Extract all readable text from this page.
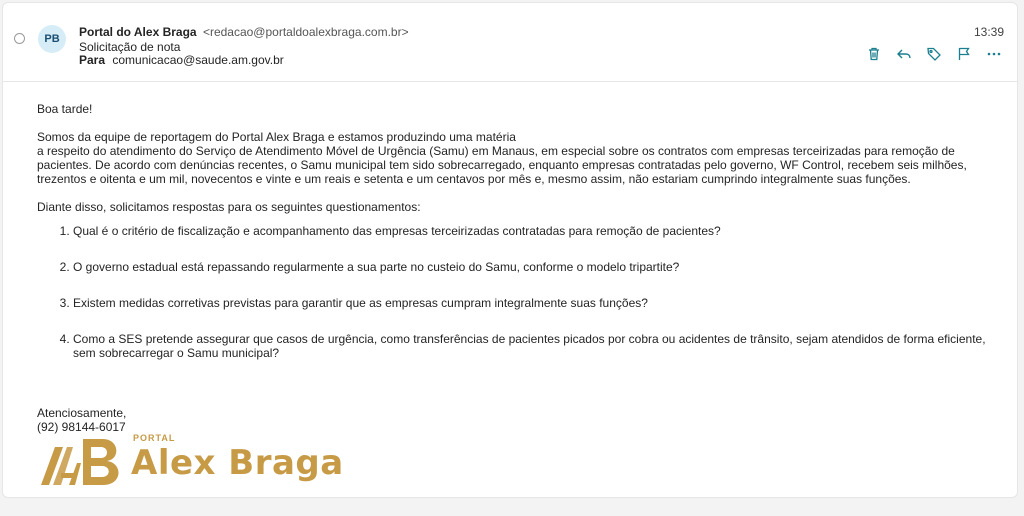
PB	Portal do Alex Braga <redacao@portaldoalexbraga.com.br>
Solicitação de nota
Para comunicacao@saude.am.gov.br
13:39

Boa tarde!

Somos da equipe de reportagem do Portal Alex Braga e estamos produzindo uma matéria

a respeito do atendimento do Serviço de Atendimento Móvel de Urgência (Samu) em Manaus, em especial sobre os contratos com empresas terceirizadas para remoção de pacientes. De acordo com denúncias recentes, o Samu municipal tem sido sobrecarregado, enquanto empresas contratadas pelo governo, WF Control, recebem seis milhões, trezentos e oitenta e um mil, novecentos e vinte e um reais e setenta e um centavos por mês e, mesmo assim, não estariam cumprindo integralmente suas funções.

Diante disso, solicitamos respostas para os seguintes questionamentos:

1. Qual é o critério de fiscalização e acompanhamento das empresas terceirizadas contratadas para remoção de pacientes?
2. O governo estadual está repassando regularmente a sua parte no custeio do Samu, conforme o modelo tripartite?
3. Existem medidas corretivas previstas para garantir que as empresas cumpram integralmente suas funções?
4. Como a SES pretende assegurar que casos de urgência, como transferências de pacientes picados por cobra ou acidentes de trânsito, sejam atendidos de forma eficiente, sem sobrecarregar o Samu municipal?
Atenciosamente,
(92) 98144-6017
PORTAL
Alex Braga
